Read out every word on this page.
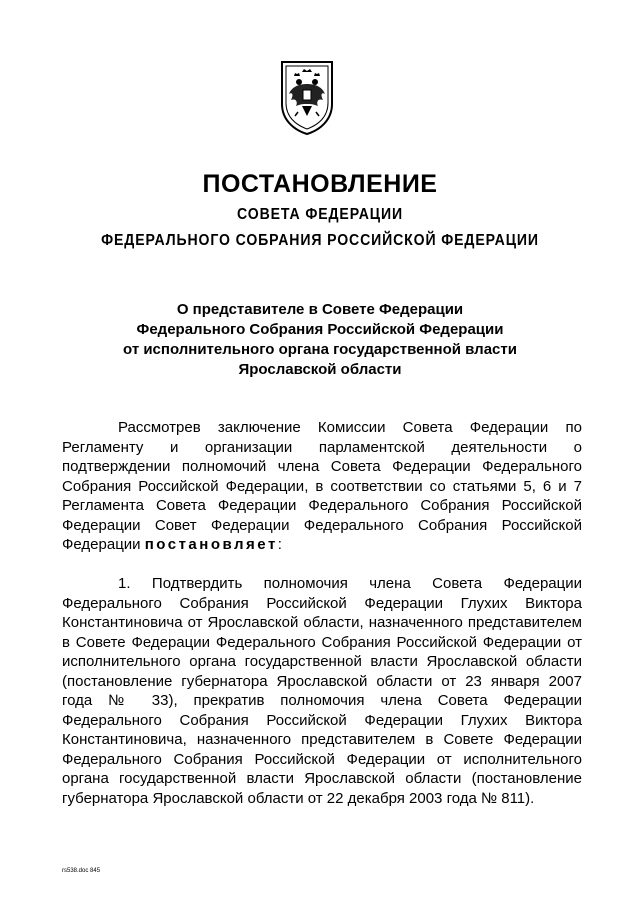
ПОСТАНОВЛЕНИЕ
СОВЕТА ФЕДЕРАЦИИ
ФЕДЕРАЛЬНОГО СОБРАНИЯ РОССИЙСКОЙ ФЕДЕРАЦИИ
О представителе в Совете Федерации
Федерального Собрания Российской Федерации
от исполнительного органа государственной власти
Ярославской области
Рассмотрев заключение Комиссии Совета Федерации по Регламенту и организации парламентской деятельности о подтверждении полномочий члена Совета Федерации Федерального Собрания Российской Федерации, в соответствии со статьями 5, 6 и 7 Регламента Совета Федерации Федерального Собрания Российской Федерации Совет Федерации Федерального Собрания Российской Федерации постановляет:
1. Подтвердить полномочия члена Совета Федерации Федерального Собрания Российской Федерации Глухих Виктора Константиновича от Ярославской области, назначенного представителем в Совете Федерации Федерального Собрания Российской Федерации от исполнительного органа государственной власти Ярославской области (постановление губернатора Ярославской области от 23 января 2007 года № 33), прекратив полномочия члена Совета Федерации Федерального Собрания Российской Федерации Глухих Виктора Константиновича, назначенного представителем в Совете Федерации Федерального Собрания Российской Федерации от исполнительного органа государственной власти Ярославской области (постановление губернатора Ярославской области от 22 декабря 2003 года № 811).
rs538.doc 845
